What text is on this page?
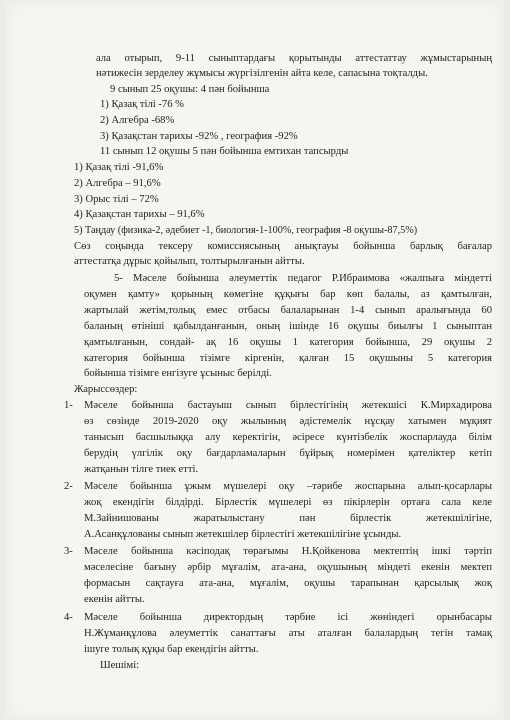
ала отырып, 9-11 сыныптардағы қорытынды аттестаттау жұмыстарының
нәтижесін зерделеу жұмысы жүргізілгенін айта келе, сапасына тоқталды.
9 сынып 25 оқушы: 4 пән бойынша
1) Қазақ тілі -76 %
2) Алгебра -68%
3) Қазақстан тарихы -92% , география -92%
11 сынып 12 оқушы 5 пән бойынша емтихан тапсырды
1) Қазақ тілі -91,6%
2) Алгебра – 91,6%
3) Орыс тілі – 72%
4) Қазақстан тарихы – 91,6%
5) Таңдау (физика-2, әдебиет -1, биология-1-100%, география -8 оқушы-87,5%)
Сөз соңында тексеру комиссиясының анықтауы бойынша барлық бағалар
аттестатқа дұрыс қойылып, толтырылғанын айтты.
5- Мәселе бойынша әлеуметтік педагог Р.Ибраимова «жалпыға міндетті
оқумен қамту» қорының көмегіне құқығы бар көп балалы, аз қамтылған,
жартылай жетім,толық емес отбасы балаларынан 1-4 сынып аралығында 60
баланың өтініші қабылданғанын, оның ішінде 16 оқушы биылғы 1 сыныптан
қамтылғанын, сондай- ақ 16 оқушы 1 категория бойынша, 29 оқушы 2
категория бойынша тізімге кіргенін, қалған 15 оқушыны 5 категория
бойынша тізімге енгізуге ұсыныс берілді.
Жарыссөздер:
1- Мәселе бойынша бастауыш сынып бірлестігінің жетекшісі К.Мирхадирова
өз сөзінде 2019-2020 оқу жылының әдістемелік нұсқау хатымен мұқият
танысып басшылыққа алу керектігін, әсіресе күнтізбелік жоспарлауда білім
берудің үлгілік оқу бағдарламаларын бұйрық номерімен қателіктер кетіп
жатқанын тілге тиек етті.
2- Мәселе бойынша ұжым мүшелері оқу –тәрибе жоспарына алып-қосарлары
жоқ екендігін білдірді. Бірлестік мүшелері өз пікірлерін ортаға сала келе
М.Зайнишованы жаратылыстану пән бірлестік жетекшілігіне,
А.Асанқұлованы сынып жетекшілер бірлестігі жетекшілігіне ұсынды.
3- Мәселе бойынша кәсіподақ төрағымы Н.Қойкенова мектептің ішкі тәртіп
мәселесіне бағыну әрбір мұғалім, ата-ана, оқушының міндеті екенін мектеп
формасын сақтауға ата-ана, мұғалім, оқушы тарапынан қарсылық жоқ
екенін айтты.
4- Мәселе бойынша директордың тәрбие ісі жөніндегі орынбасары
Н.Жұманқұлова әлеуметтік санаттағы аты аталған балалардың тегін тамақ
ішуге толық құқы бар екендігін айтты.
Шешімі:
